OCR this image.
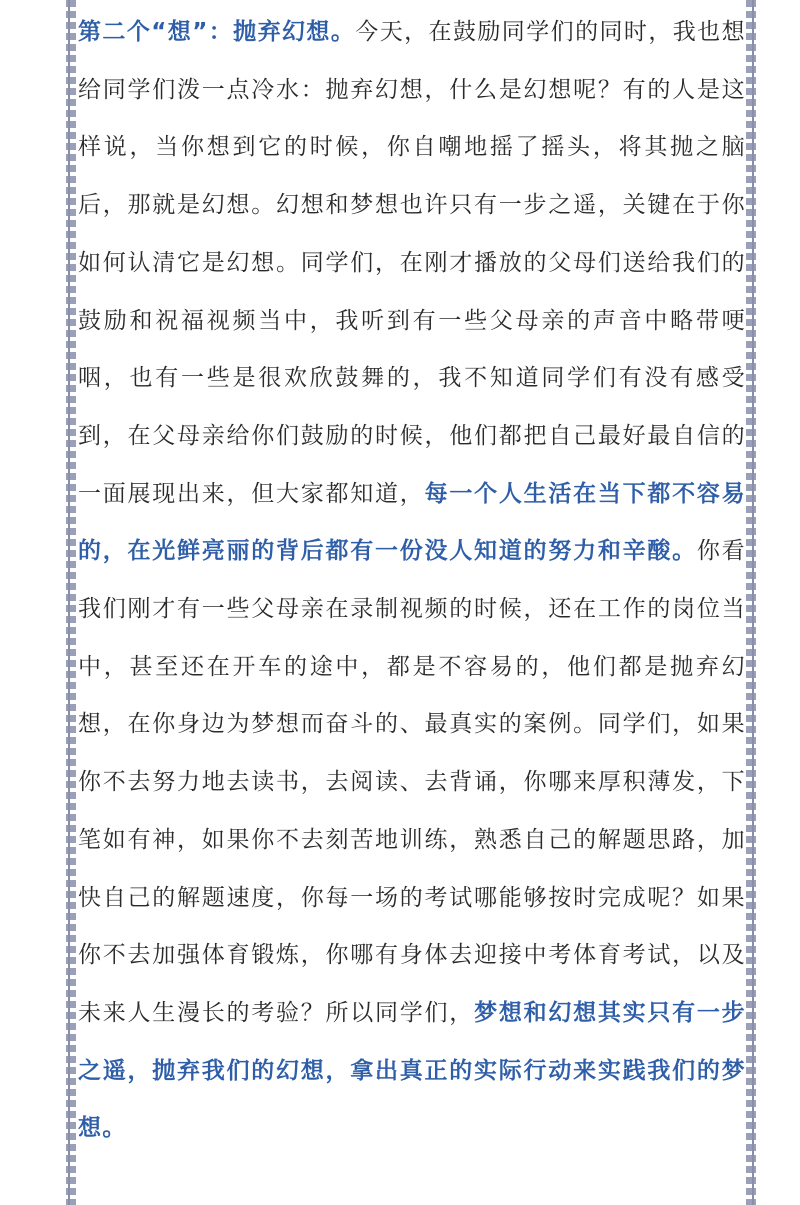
第二个“想”：抛弃幻想。今天，在鼓励同学们的同时，我也想给同学们泼一点冷水：抛弃幻想，什么是幻想呢？有的人是这样说，当你想到它的时候，你自嘲地摇了摇头，将其抛之脑后，那就是幻想。幻想和梦想也许只有一步之遥，关键在于你如何认清它是幻想。同学们，在刚才播放的父母们送给我们的鼓励和祝福视频当中，我听到有一些父母亲的声音中略带哽咽，也有一些是很欢欣鼓舞的，我不知道同学们有没有感受到，在父母亲给你们鼓励的时候，他们都把自己最好最自信的一面展现出来，但大家都知道，每一个人生活在当下都不容易的，在光鲜亮丽的背后都有一份没人知道的努力和辛酸。你看我们刚才有一些父母亲在录制视频的时候，还在工作的岗位当中，甚至还在开车的途中，都是不容易的，他们都是抛弃幻想，在你身边为梦想而奋斗的、最真实的案例。同学们，如果你不去努力地去读书，去阅读、去背诵，你哪来厚积薄发，下笔如有神，如果你不去刻苦地训练，熟悉自己的解题思路，加快自己的解题速度，你每一场的考试哪能够按时完成呢？如果你不去加强体育锻炼，你哪有身体去迎接中考体育考试，以及未来人生漫长的考验？所以同学们，梦想和幻想其实只有一步之遥，抛弃我们的幻想，拿出真正的实际行动来实践我们的梦想。
